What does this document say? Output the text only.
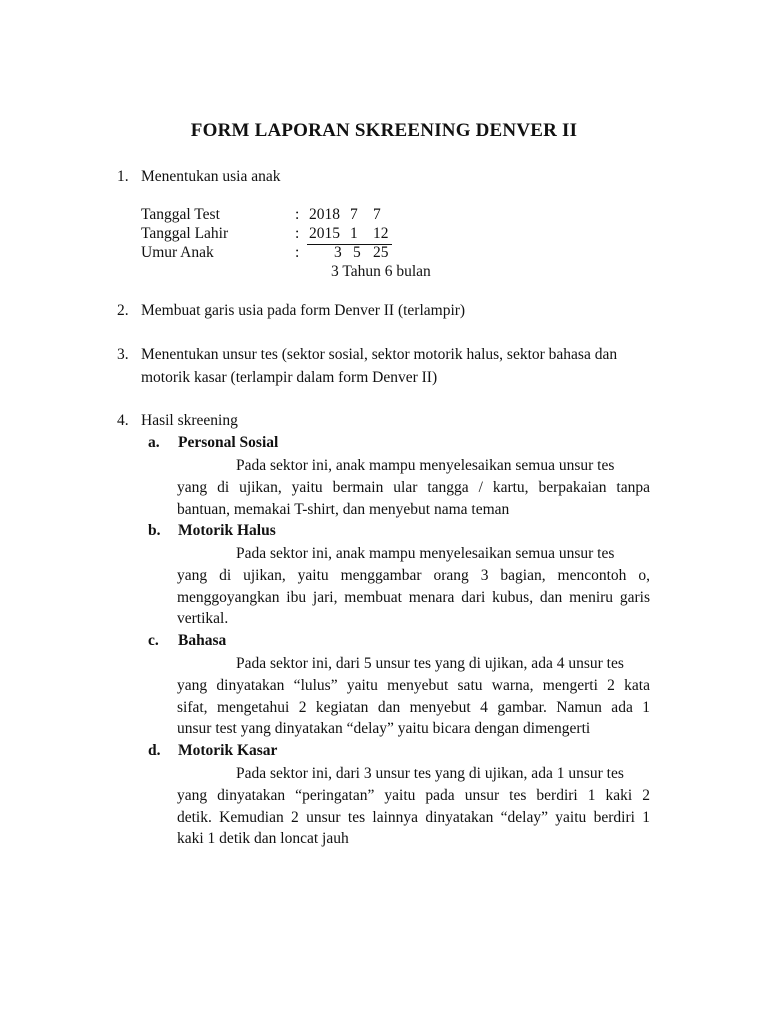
FORM LAPORAN SKREENING DENVER II
1. Menentukan usia anak
Tanggal Test	: 2018 7 7
Tanggal Lahir	: 2015 1 12
Umur Anak	: 3 5 25
3 Tahun 6 bulan
2. Membuat garis usia pada form Denver II (terlampir)
3. Menentukan unsur tes (sektor sosial, sektor motorik halus, sektor bahasa dan
motorik kasar (terlampir dalam form Denver II)
4. Hasil skreening
a. Personal Sosial
Pada sektor ini, anak mampu menyelesaikan semua unsur tes
yang di ujikan, yaitu bermain ular tangga / kartu, berpakaian tanpa
bantuan, memakai T-shirt, dan menyebut nama teman
b. Motorik Halus
Pada sektor ini, anak mampu menyelesaikan semua unsur tes
yang di ujikan, yaitu menggambar orang 3 bagian, mencontoh o,
menggoyangkan ibu jari, membuat menara dari kubus, dan meniru garis
vertikal.
c. Bahasa
Pada sektor ini, dari 5 unsur tes yang di ujikan, ada 4 unsur tes
yang dinyatakan “lulus” yaitu menyebut satu warna, mengerti 2 kata
sifat, mengetahui 2 kegiatan dan menyebut 4 gambar. Namun ada 1
unsur test yang dinyatakan “delay” yaitu bicara dengan dimengerti
d. Motorik Kasar
Pada sektor ini, dari 3 unsur tes yang di ujikan, ada 1 unsur tes
yang dinyatakan “peringatan” yaitu pada unsur tes berdiri 1 kaki 2
detik. Kemudian 2 unsur tes lainnya dinyatakan “delay” yaitu berdiri 1
kaki 1 detik dan loncat jauh
